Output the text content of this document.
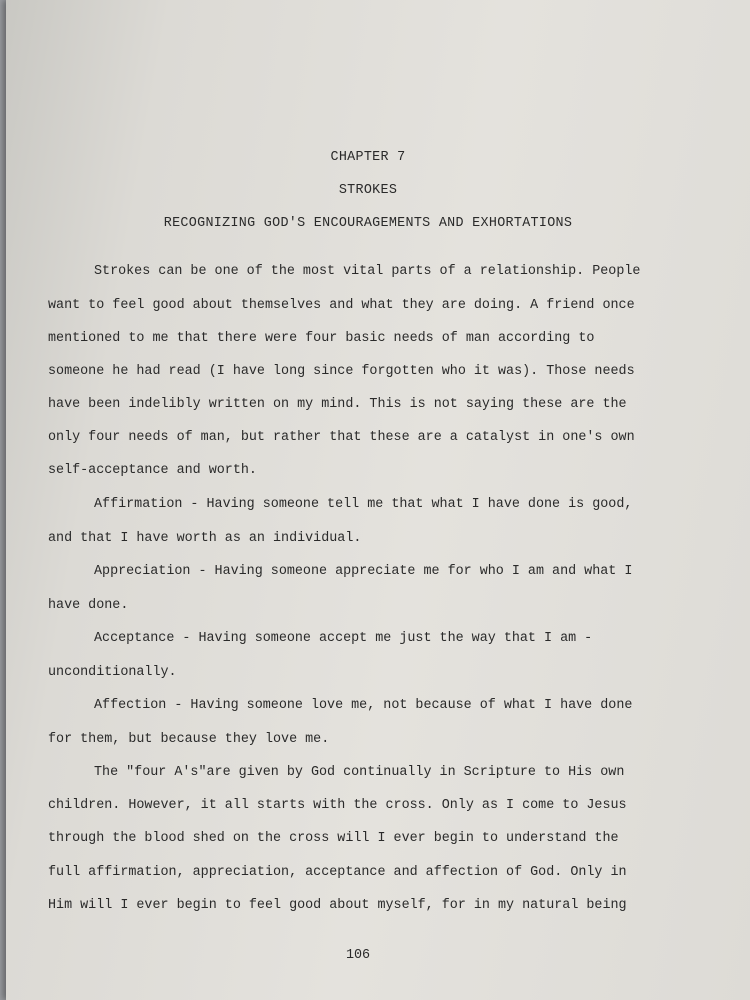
CHAPTER 7
STROKES
RECOGNIZING GOD'S ENCOURAGEMENTS AND EXHORTATIONS
Strokes can be one of the most vital parts of a relationship. People
want to feel good about themselves and what they are doing. A friend once
mentioned to me that there were four basic needs of man according to
someone he had read (I have long since forgotten who it was). Those needs
have been indelibly written on my mind. This is not saying these are the
only four needs of man, but rather that these are a catalyst in one's own
self-acceptance and worth.
Affirmation - Having someone tell me that what I have done is good,
and that I have worth as an individual.
Appreciation - Having someone appreciate me for who I am and what I
have done.
Acceptance - Having someone accept me just the way that I am -
unconditionally.
Affection - Having someone love me, not because of what I have done
for them, but because they love me.
The "four A's"are given by God continually in Scripture to His own
children. However, it all starts with the cross. Only as I come to Jesus
through the blood shed on the cross will I ever begin to understand the
full affirmation, appreciation, acceptance and affection of God. Only in
Him will I ever begin to feel good about myself, for in my natural being
106
